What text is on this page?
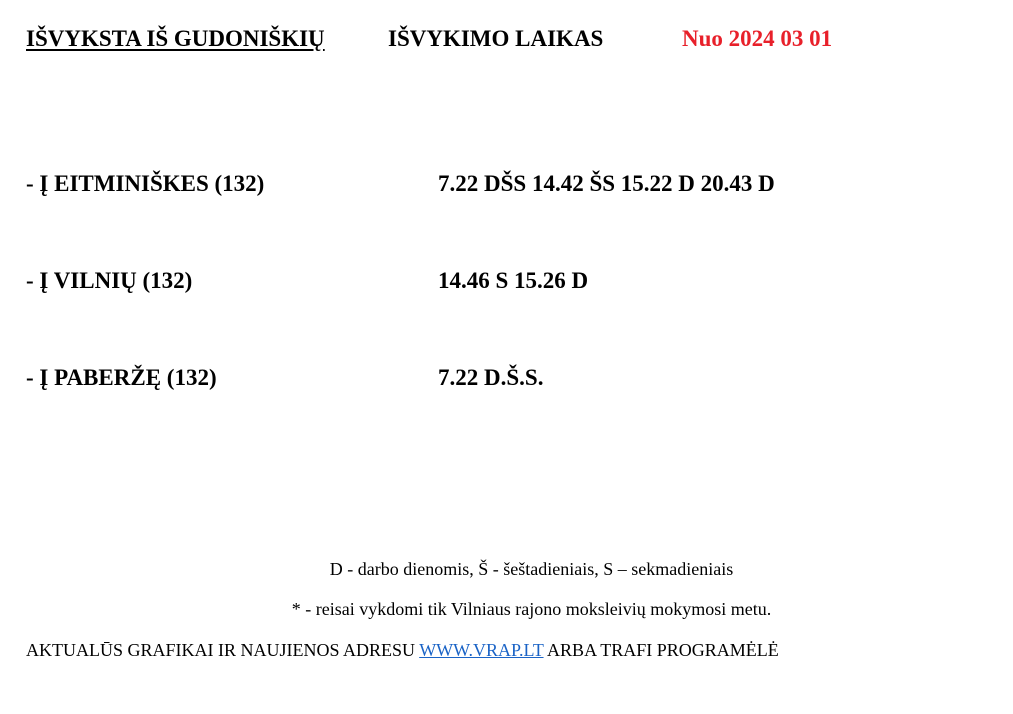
IŠVYKSTA IŠ GUDONIŠKIŲ	IŠVYKIMO LAIKAS	Nuo 2024 03 01
- Į EITMINIŠKES (132)	7.22 DŠS 14.42 ŠS 15.22 D 20.43 D
- Į VILNIŲ (132)	14.46 S 15.26 D
- Į PABERŽĘ (132)	7.22 D.Š.S.
D - darbo dienomis, Š - šeštadieniais, S – sekmadieniais
* - reisai vykdomi tik Vilniaus rajono moksleivių mokymosi metu.
AKTUALŪS GRAFIKAI IR NAUJIENOS ADRESU WWW.VRAP.LT ARBA TRAFI PROGRAMĖLĖ
